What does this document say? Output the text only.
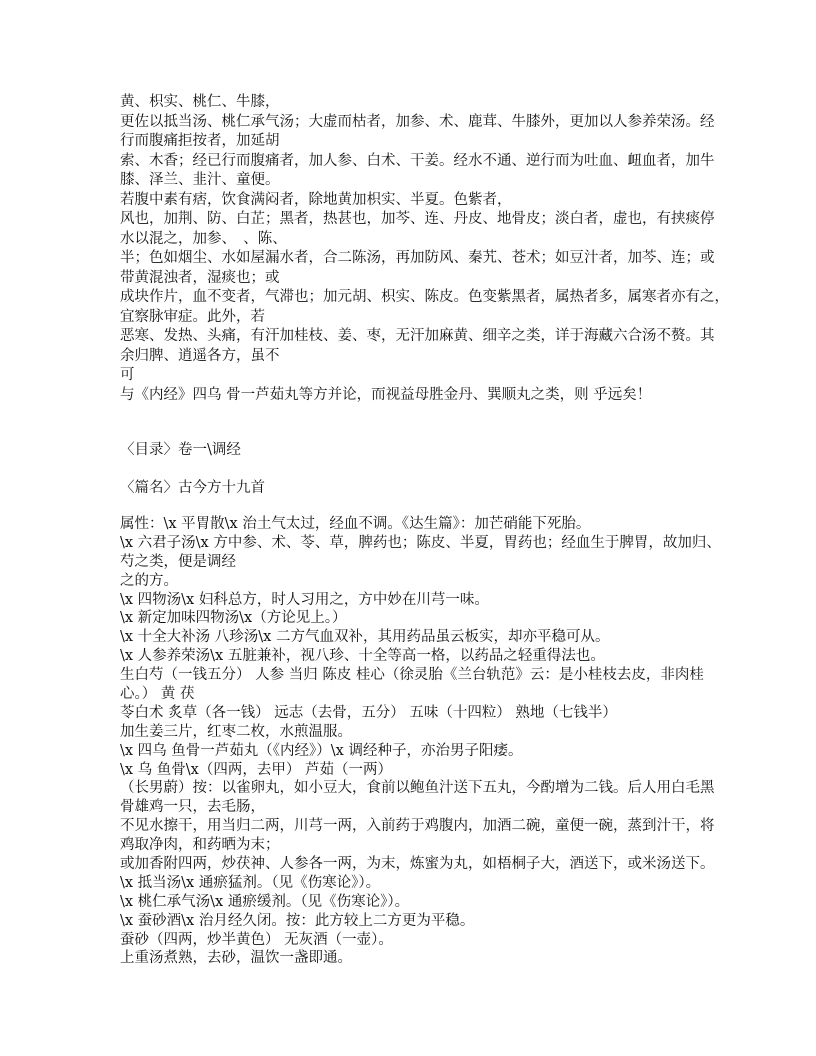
黄、枳实、桃仁、牛膝，
更佐以抵当汤、桃仁承气汤；大虚而枯者，加参、术、鹿茸、牛膝外，更加以人参养荣汤。经
行而腹痛拒按者，加延胡
索、木香；经已行而腹痛者，加人参、白术、干姜。经水不通、逆行而为吐血、衄血者，加牛
膝、泽兰、韭汁、童便。
若腹中素有痞，饮食满闷者，除地黄加枳实、半夏。色紫者，
风也，加荆、防、白芷；黑者，热甚也，加芩、连、丹皮、地骨皮；淡白者，虚也，有挟痰停
水以混之，加参、　、陈、
半；色如烟尘、水如屋漏水者，合二陈汤，再加防风、秦艽、苍术；如豆汁者，加芩、连；或
带黄混浊者，湿痰也；或
成块作片，血不变者，气滞也；加元胡、枳实、陈皮。色变紫黑者，属热者多，属寒者亦有之，
宜察脉审症。此外，若
恶寒、发热、头痛，有汗加桂枝、姜、枣，无汗加麻黄、细辛之类，详于海藏六合汤不赘。其
余归脾、逍遥各方，虽不
可
与《内经》四乌 骨一芦茹丸等方并论，而视益母胜金丹、巽顺丸之类，则 乎远矣！
〈目录〉卷一\调经
〈篇名〉古今方十九首
属性：\x 平胃散\x 治土气太过，经血不调。《达生篇》：加芒硝能下死胎。
\x 六君子汤\x 方中参、术、苓、草，脾药也；陈皮、半夏，胃药也；经血生于脾胃，故加归、
芍之类，便是调经
之的方。
\x 四物汤\x 妇科总方，时人习用之，方中妙在川芎一味。
\x 新定加味四物汤\x（方论见上。）
\x 十全大补汤 八珍汤\x 二方气血双补，其用药品虽云板实，却亦平稳可从。
\x 人参养荣汤\x 五脏兼补，视八珍、十全等高一格，以药品之轻重得法也。
生白芍（一钱五分） 人参 当归 陈皮 桂心（徐灵胎《兰台轨范》云：是小桂枝去皮，非肉桂
心。） 黄 茯
苓白术 炙草（各一钱） 远志（去骨，五分） 五味（十四粒） 熟地（七钱半）
加生姜三片，红枣二枚，水煎温服。
\x 四乌 鱼骨一芦茹丸（《内经》）\x 调经种子，亦治男子阳痿。
\x 乌 鱼骨\x（四两，去甲） 芦茹（一两）
（长男蔚）按：以雀卵丸，如小豆大，食前以鲍鱼汁送下五丸，今酌增为二钱。后人用白毛黑
骨雄鸡一只，去毛肠，
不见水擦干，用当归二两，川芎一两，入前药于鸡腹内，加酒二碗，童便一碗，蒸到汁干，将
鸡取净肉，和药晒为末；
或加香附四两，炒茯神、人参各一两，为末，炼蜜为丸，如梧桐子大，酒送下，或米汤送下。
\x 抵当汤\x 通瘀猛剂。（见《伤寒论》）。
\x 桃仁承气汤\x 通瘀缓剂。（见《伤寒论》）。
\x 蚕砂酒\x 治月经久闭。按：此方较上二方更为平稳。
蚕砂（四两，炒半黄色） 无灰酒（一壶）。
上重汤煮熟，去砂，温饮一盏即通。
